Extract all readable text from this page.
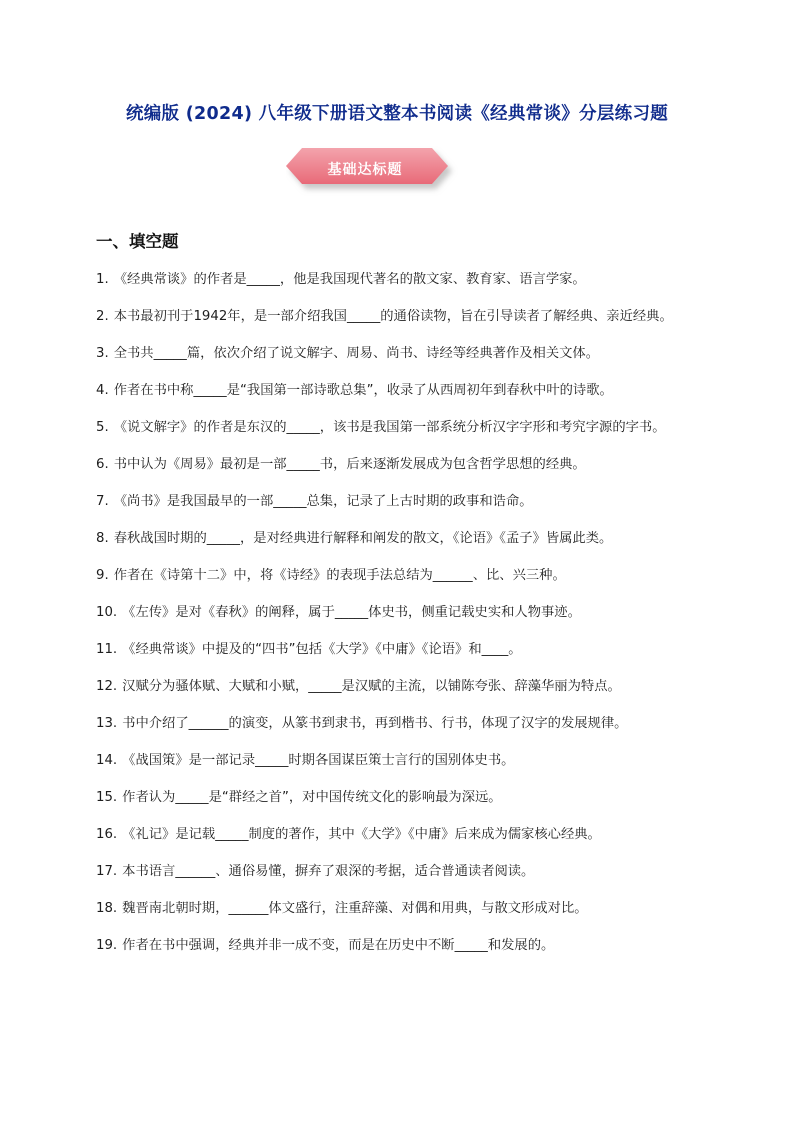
统编版 (2024) 八年级下册语文整本书阅读《经典常谈》分层练习题
基础达标题
一、填空题
1. 《经典常谈》的作者是_____，他是我国现代著名的散文家、教育家、语言学家。
2. 本书最初刊于1942年，是一部介绍我国_____的通俗读物，旨在引导读者了解经典、亲近经典。
3. 全书共_____篇，依次介绍了说文解字、周易、尚书、诗经等经典著作及相关文体。
4. 作者在书中称_____是“我国第一部诗歌总集”，收录了从西周初年到春秋中叶的诗歌。
5. 《说文解字》的作者是东汉的_____，该书是我国第一部系统分析汉字字形和考究字源的字书。
6. 书中认为《周易》最初是一部_____书，后来逐渐发展成为包含哲学思想的经典。
7. 《尚书》是我国最早的一部_____总集，记录了上古时期的政事和诰命。
8. 春秋战国时期的_____，是对经典进行解释和阐发的散文，《论语》《孟子》皆属此类。
9. 作者在《诗第十二》中，将《诗经》的表现手法总结为______、比、兴三种。
10. 《左传》是对《春秋》的阐释，属于_____体史书，侧重记载史实和人物事迹。
11. 《经典常谈》中提及的“四书”包括《大学》《中庸》《论语》和____。
12. 汉赋分为骚体赋、大赋和小赋，_____是汉赋的主流，以铺陈夸张、辞藻华丽为特点。
13. 书中介绍了______的演变，从篆书到隶书，再到楷书、行书，体现了汉字的发展规律。
14. 《战国策》是一部记录_____时期各国谋臣策士言行的国别体史书。
15. 作者认为_____是“群经之首”，对中国传统文化的影响最为深远。
16. 《礼记》是记载_____制度的著作，其中《大学》《中庸》后来成为儒家核心经典。
17. 本书语言______、通俗易懂，摒弃了艰深的考据，适合普通读者阅读。
18. 魏晋南北朝时期，______体文盛行，注重辞藻、对偶和用典，与散文形成对比。
19. 作者在书中强调，经典并非一成不变，而是在历史中不断_____和发展的。
